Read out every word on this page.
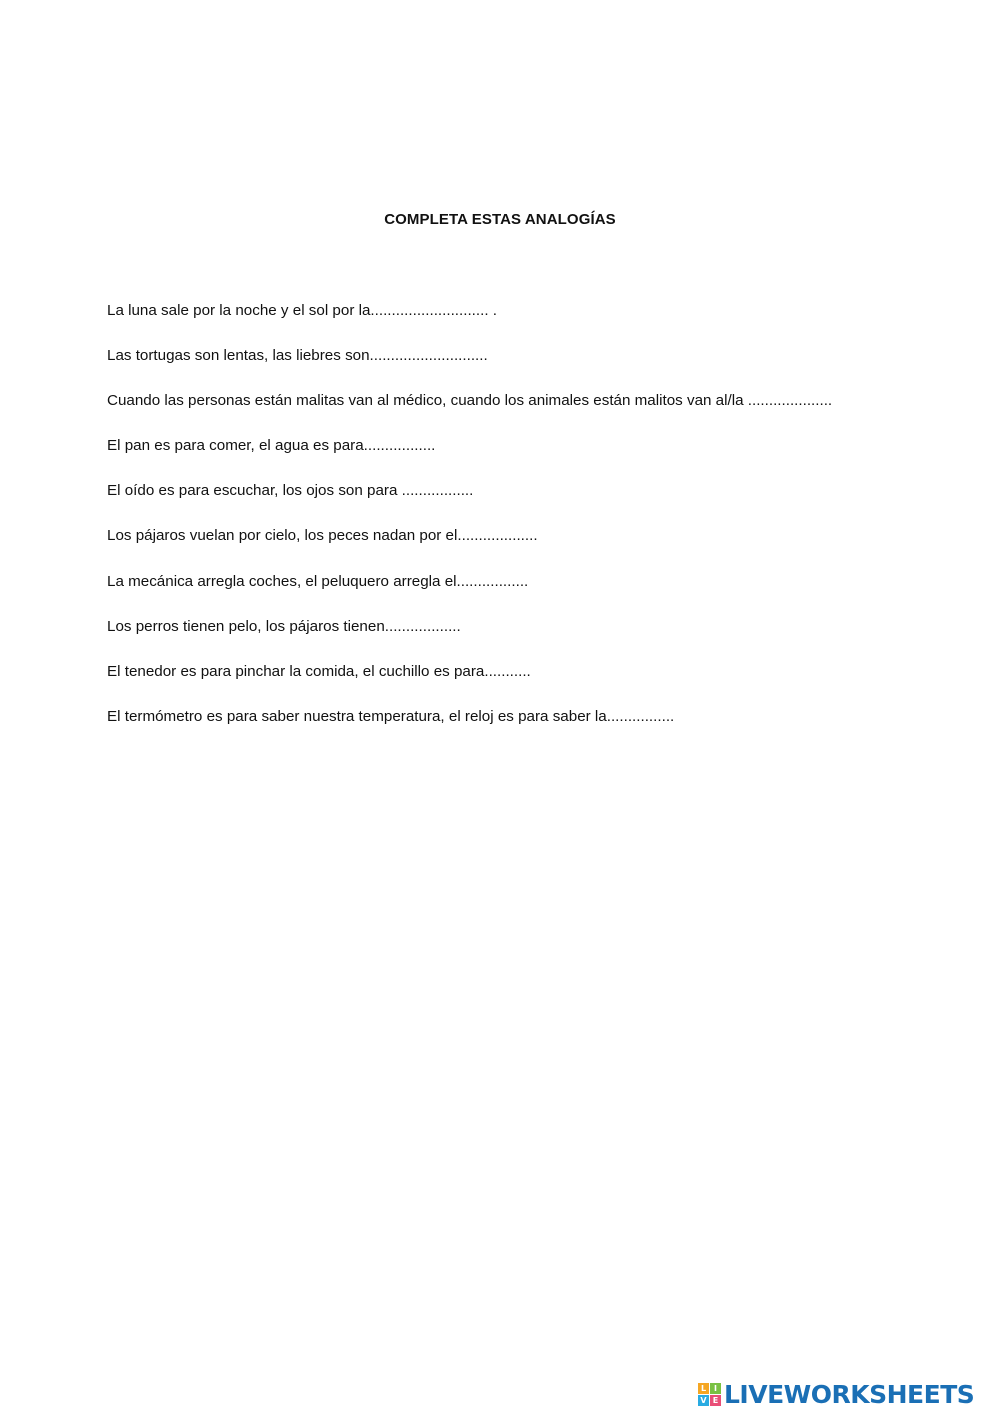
COMPLETA ESTAS ANALOGÍAS
La luna sale por la noche y el sol por la............................ .
Las tortugas son lentas, las liebres son............................
Cuando las personas están malitas van al médico, cuando los animales están malitos van al/la ....................
El pan es para comer, el agua es para.................
El oído es para escuchar, los ojos son para .................
Los pájaros vuelan por cielo, los peces nadan por el...................
La mecánica arregla coches, el peluquero arregla el.................
Los perros tienen pelo, los pájaros tienen..................
El tenedor es para pinchar la comida, el cuchillo es para...........
El termómetro es para saber nuestra temperatura, el reloj es para saber la................
L I
V E LIVEWORKSHEETS
